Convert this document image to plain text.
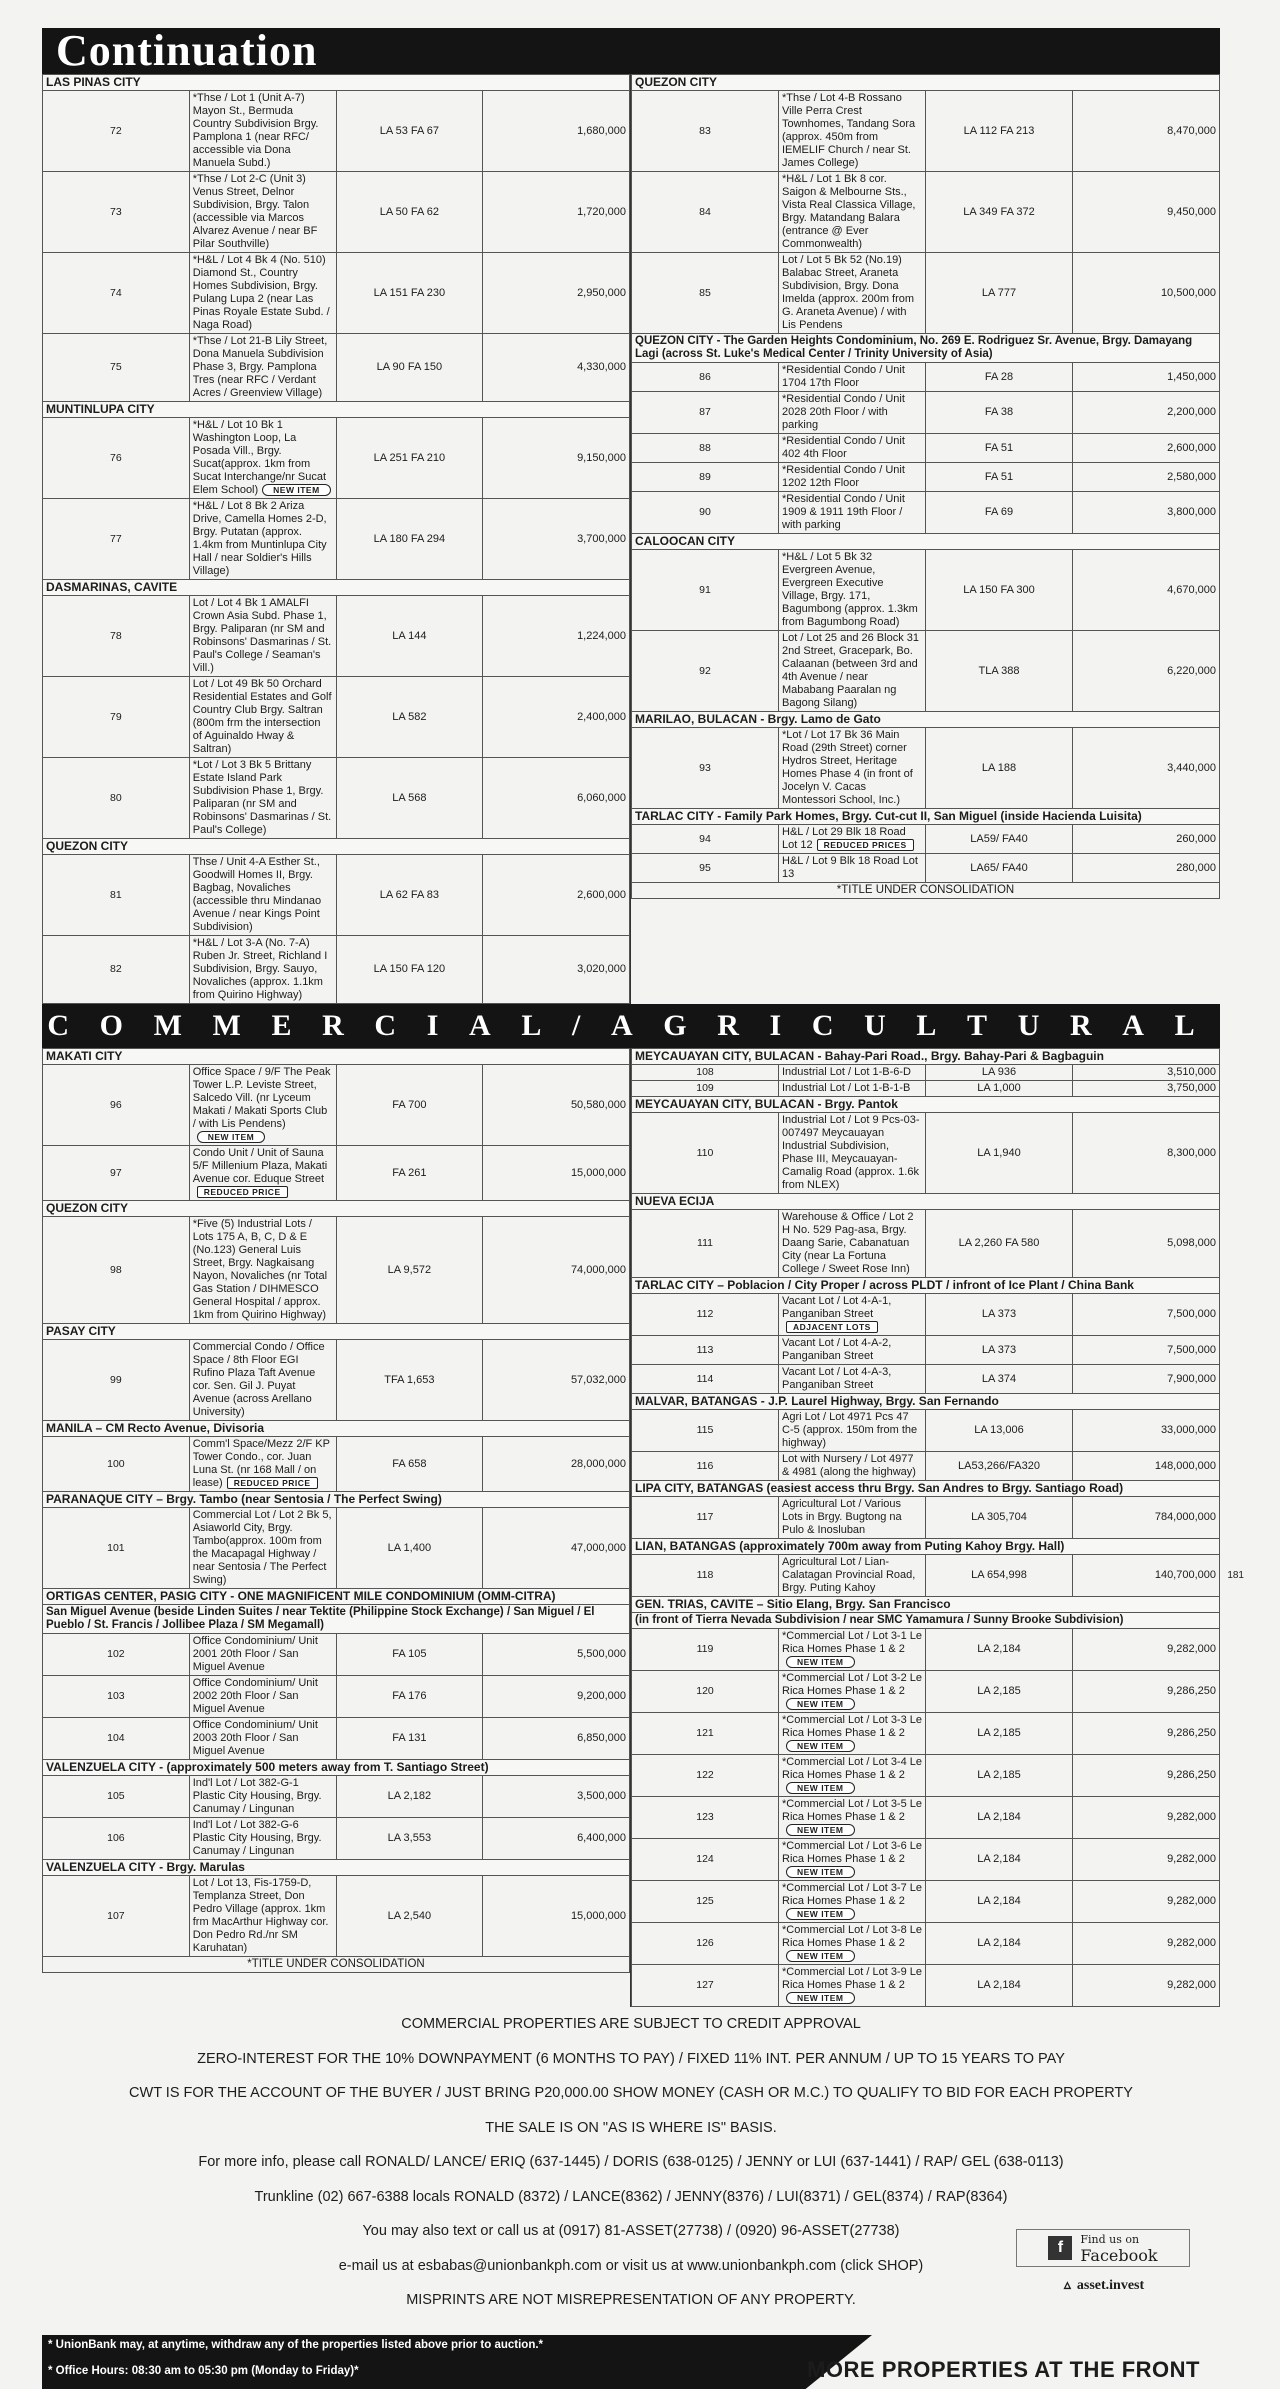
Continuation
LAS PINAS CITY			
72	*Thse / Lot 1 (Unit A-7) Mayon St., Bermuda Country Subdivision Brgy. Pamplona 1 (near RFC/ accessible via Dona Manuela Subd.)	LA 53 FA 67	1,680,000
73	*Thse / Lot 2-C (Unit 3) Venus Street, Delnor Subdivision, Brgy. Talon (accessible via Marcos Alvarez Avenue / near BF Pilar Southville)	LA 50 FA 62	1,720,000
74	*H&L / Lot 4 Bk 4 (No. 510) Diamond St., Country Homes Subdivision, Brgy. Pulang Lupa 2 (near Las Pinas Royale Estate Subd. / Naga Road)	LA 151 FA 230	2,950,000
75	*Thse / Lot 21-B Lily Street, Dona Manuela Subdivision Phase 3, Brgy. Pamplona Tres (near RFC / Verdant Acres / Greenview Village)	LA 90 FA 150	4,330,000
MUNTINLUPA CITY			
76	*H&L / Lot 10 Bk 1 Washington Loop, La Posada Vill., Brgy. Sucat(approx. 1km from Sucat Interchange/nr Sucat Elem School) NEW ITEM	LA 251 FA 210	9,150,000
77	*H&L / Lot 8 Bk 2 Ariza Drive, Camella Homes 2-D, Brgy. Putatan (approx. 1.4km from Muntinlupa City Hall / near Soldier's Hills Village)	LA 180 FA 294	3,700,000
DASMARINAS, CAVITE			
78	Lot / Lot 4 Bk 1 AMALFI Crown Asia Subd. Phase 1, Brgy. Paliparan (nr SM and Robinsons' Dasmarinas / St. Paul's College / Seaman's Vill.)	LA 144	1,224,000
79	Lot / Lot 49 Bk 50 Orchard Residential Estates and Golf Country Club Brgy. Saltran (800m frm the intersection of Aguinaldo Hway & Saltran)	LA 582	2,400,000
80	*Lot / Lot 3 Bk 5 Brittany Estate Island Park Subdivision Phase 1, Brgy. Paliparan (nr SM and Robinsons' Dasmarinas / St. Paul's College)	LA 568	6,060,000
QUEZON CITY			
81	Thse / Unit 4-A Esther St., Goodwill Homes II, Brgy. Bagbag, Novaliches (accessible thru Mindanao Avenue / near Kings Point Subdivision)	LA 62 FA 83	2,600,000
82	*H&L / Lot 3-A (No. 7-A) Ruben Jr. Street, Richland I Subdivision, Brgy. Sauyo, Novaliches (approx. 1.1km from Quirino Highway)	LA 150 FA 120	3,020,000
QUEZON CITY			
83	*Thse / Lot 4-B Rossano Ville Perra Crest Townhomes, Tandang Sora (approx. 450m from IEMELIF Church / near St. James College)	LA 112 FA 213	8,470,000
84	*H&L / Lot 1 Bk 8 cor. Saigon & Melbourne Sts., Vista Real Classica Village, Brgy. Matandang Balara (entrance @ Ever Commonwealth)	LA 349 FA 372	9,450,000
85	Lot / Lot 5 Bk 52 (No.19) Balabac Street, Araneta Subdivision, Brgy. Dona Imelda (approx. 200m from G. Araneta Avenue) / with Lis Pendens	LA 777	10,500,000
QUEZON CITY - The Garden Heights Condominium, No. 269 E. Rodriguez Sr. Avenue, Brgy. Damayang Lagi (across St. Luke's Medical Center / Trinity University of Asia)			
86	*Residential Condo / Unit 1704 17th Floor	FA 28	1,450,000
87	*Residential Condo / Unit 2028 20th Floor / with parking	FA 38	2,200,000
88	*Residential Condo / Unit 402 4th Floor	FA 51	2,600,000
89	*Residential Condo / Unit 1202 12th Floor	FA 51	2,580,000
90	*Residential Condo / Unit 1909 & 1911 19th Floor / with parking	FA 69	3,800,000
CALOOCAN CITY			
91	*H&L / Lot 5 Bk 32 Evergreen Avenue, Evergreen Executive Village, Brgy. 171, Bagumbong (approx. 1.3km from Bagumbong Road)	LA 150 FA 300	4,670,000
92	Lot / Lot 25 and 26 Block 31 2nd Street, Gracepark, Bo. Calaanan (between 3rd and 4th Avenue / near Mababang Paaralan ng Bagong Silang)	TLA 388	6,220,000
MARILAO, BULACAN - Brgy. Lamo de Gato			
93	*Lot / Lot 17 Bk 36 Main Road (29th Street) corner Hydros Street, Heritage Homes Phase 4 (in front of Jocelyn V. Cacas Montessori School, Inc.)	LA 188	3,440,000
TARLAC CITY - Family Park Homes, Brgy. Cut-cut II, San Miguel (inside Hacienda Luisita)			
94	H&L / Lot 29 Blk 18 Road Lot 12 REDUCED PRICES	LA59/ FA40	260,000
95	H&L / Lot 9 Blk 18 Road Lot 13	LA65/ FA40	280,000
*TITLE UNDER CONSOLIDATION			
C O M M E R C I A L / A G R I C U L T U R A L
MAKATI CITY			
96	Office Space / 9/F The Peak Tower L.P. Leviste Street, Salcedo Vill. (nr Lyceum Makati / Makati Sports Club / with Lis Pendens)NEW ITEM	FA 700	50,580,000
97	Condo Unit / Unit of Sauna 5/F Millenium Plaza, Makati Avenue cor. Eduque StreetREDUCED PRICE	FA 261	15,000,000
QUEZON CITY			
98	*Five (5) Industrial Lots / Lots 175 A, B, C, D & E (No.123) General Luis Street, Brgy. Nagkaisang Nayon, Novaliches (nr Total Gas Station / DIHMESCO General Hospital / approx. 1km from Quirino Highway)	LA 9,572	74,000,000
PASAY CITY			
99	Commercial Condo / Office Space / 8th Floor EGI Rufino Plaza Taft Avenue cor. Sen. Gil J. Puyat Avenue (across Arellano University)	TFA 1,653	57,032,000
MANILA – CM Recto Avenue, Divisoria			
100	Comm'l Space/Mezz 2/F KP Tower Condo., cor. Juan Luna St. (nr 168 Mall / on lease) REDUCED PRICE	FA 658	28,000,000
PARANAQUE CITY – Brgy. Tambo (near Sentosia / The Perfect Swing)			
101	Commercial Lot / Lot 2 Bk 5, Asiaworld City, Brgy. Tambo(approx. 100m from the Macapagal Highway / near Sentosia / The Perfect Swing)	LA 1,400	47,000,000
ORTIGAS CENTER, PASIG CITY - ONE MAGNIFICENT MILE CONDOMINIUM (OMM-CITRA)			
San Miguel Avenue (beside Linden Suites / near Tektite (Philippine Stock Exchange) / San Miguel / El Pueblo / St. Francis / Jollibee Plaza / SM Megamall)			
102	Office Condominium/ Unit 2001 20th Floor / San Miguel Avenue	FA 105	5,500,000
103	Office Condominium/ Unit 2002 20th Floor / San Miguel Avenue	FA 176	9,200,000
104	Office Condominium/ Unit 2003 20th Floor / San Miguel Avenue	FA 131	6,850,000
VALENZUELA CITY - (approximately 500 meters away from T. Santiago Street)			
105	Ind'l Lot / Lot 382-G-1 Plastic City Housing, Brgy. Canumay / Lingunan	LA 2,182	3,500,000
106	Ind'l Lot / Lot 382-G-6 Plastic City Housing, Brgy. Canumay / Lingunan	LA 3,553	6,400,000
VALENZUELA CITY - Brgy. Marulas			
107	Lot / Lot 13, Fis-1759-D, Templanza Street, Don Pedro Village (approx. 1km frm MacArthur Highway cor. Don Pedro Rd./nr SM Karuhatan)	LA 2,540	15,000,000
*TITLE UNDER CONSOLIDATION			
MEYCAUAYAN CITY, BULACAN - Bahay-Pari Road., Brgy. Bahay-Pari & Bagbaguin			
108	Industrial Lot / Lot 1-B-6-D	LA 936	3,510,000
109	Industrial Lot / Lot 1-B-1-B	LA 1,000	3,750,000
MEYCAUAYAN CITY, BULACAN - Brgy. Pantok			
110	Industrial Lot / Lot 9 Pcs-03-007497 Meycauayan Industrial Subdivision, Phase III, Meycauayan-Camalig Road (approx. 1.6k from NLEX)	LA 1,940	8,300,000
NUEVA ECIJA			
111	Warehouse & Office / Lot 2 H No. 529 Pag-asa, Brgy. Daang Sarie, Cabanatuan City (near La Fortuna College / Sweet Rose Inn)	LA 2,260 FA 580	5,098,000
TARLAC CITY – Poblacion / City Proper / across PLDT / infront of Ice Plant / China Bank			
112	Vacant Lot / Lot 4-A-1, Panganiban StreetADJACENT LOTS	LA 373	7,500,000
113	Vacant Lot / Lot 4-A-2, Panganiban Street	LA 373	7,500,000
114	Vacant Lot / Lot 4-A-3, Panganiban Street	LA 374	7,900,000
MALVAR, BATANGAS - J.P. Laurel Highway, Brgy. San Fernando			
115	Agri Lot / Lot 4971 Pcs 47 C-5 (approx. 150m from the highway)	LA 13,006	33,000,000
116	Lot with Nursery / Lot 4977 & 4981 (along the highway)	LA53,266/FA320	148,000,000
LIPA CITY, BATANGAS (easiest access thru Brgy. San Andres to Brgy. Santiago Road)			
117	Agricultural Lot / Various Lots in Brgy. Bugtong na Pulo & Inosluban	LA 305,704	784,000,000
LIAN, BATANGAS (approximately 700m away from Puting Kahoy Brgy. Hall)			
118	Agricultural Lot / Lian-Calatagan Provincial Road, Brgy. Puting Kahoy	LA 654,998	140,700,000
GEN. TRIAS, CAVITE – Sitio Elang, Brgy. San Francisco			
(in front of Tierra Nevada Subdivision / near SMC Yamamura / Sunny Brooke Subdivision)			
119	*Commercial Lot / Lot 3-1 Le Rica Homes Phase 1 & 2NEW ITEM	LA 2,184	9,282,000
120	*Commercial Lot / Lot 3-2 Le Rica Homes Phase 1 & 2NEW ITEM	LA 2,185	9,286,250
121	*Commercial Lot / Lot 3-3 Le Rica Homes Phase 1 & 2NEW ITEM	LA 2,185	9,286,250
122	*Commercial Lot / Lot 3-4 Le Rica Homes Phase 1 & 2NEW ITEM	LA 2,185	9,286,250
123	*Commercial Lot / Lot 3-5 Le Rica Homes Phase 1 & 2NEW ITEM	LA 2,184	9,282,000
124	*Commercial Lot / Lot 3-6 Le Rica Homes Phase 1 & 2NEW ITEM	LA 2,184	9,282,000
125	*Commercial Lot / Lot 3-7 Le Rica Homes Phase 1 & 2NEW ITEM	LA 2,184	9,282,000
126	*Commercial Lot / Lot 3-8 Le Rica Homes Phase 1 & 2NEW ITEM	LA 2,184	9,282,000
127	*Commercial Lot / Lot 3-9 Le Rica Homes Phase 1 & 2NEW ITEM	LA 2,184	9,282,000

COMMERCIAL PROPERTIES ARE SUBJECT TO CREDIT APPROVAL

ZERO-INTEREST FOR THE 10% DOWNPAYMENT (6 MONTHS TO PAY) / FIXED 11% INT. PER ANNUM / UP TO 15 YEARS TO PAY

CWT IS FOR THE ACCOUNT OF THE BUYER / JUST BRING P20,000.00 SHOW MONEY (CASH OR M.C.) TO QUALIFY TO BID FOR EACH PROPERTY

THE SALE IS ON "AS IS WHERE IS" BASIS.

For more info, please call RONALD/ LANCE/ ERIQ (637-1445) / DORIS (638-0125) / JENNY or LUI (637-1441) / RAP/ GEL (638-0113)

Trunkline (02) 667-6388 locals RONALD (8372) / LANCE(8362) / JENNY(8376) / LUI(8371) / GEL(8374) / RAP(8364)

You may also text or call us at (0917) 81-ASSET(27738) / (0920) 96-ASSET(27738)

e-mail us at esbabas@unionbankph.com or visit us at www.unionbankph.com (click SHOP)

MISPRINTS ARE NOT MISREPRESENTATION OF ANY PROPERTY.

f	Find us on
Facebook
▵ asset.invest
* UnionBank may, at anytime, withdraw any of the properties listed above prior to auction.*
* Office Hours: 08:30 am to 05:30 pm (Monday to Friday)*	MORE PROPERTIES AT THE FRONT
181
